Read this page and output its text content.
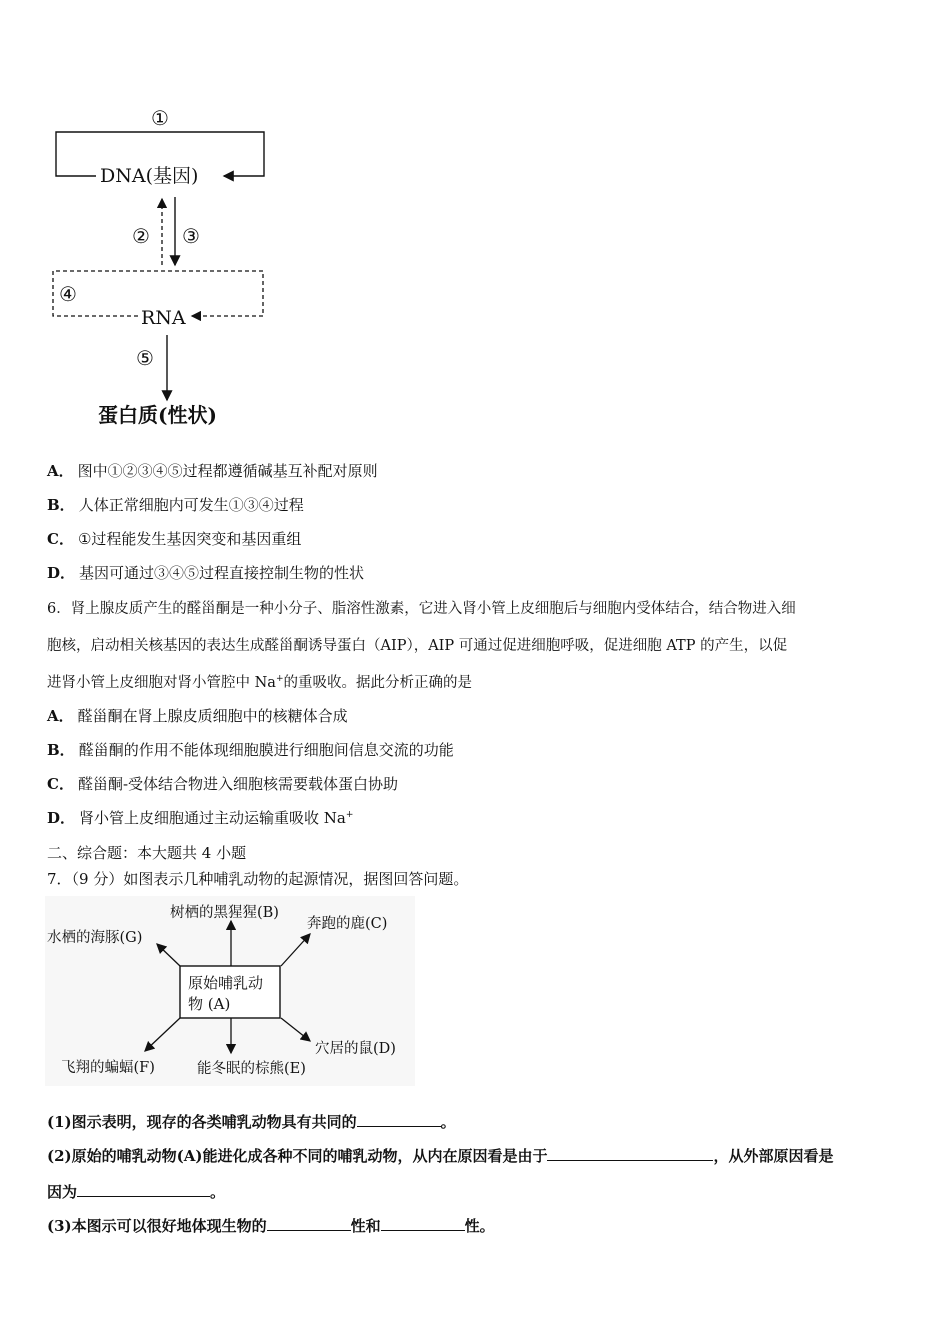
①
DNA(基因)
② ③
④
RNA
⑤
蛋白质(性状)
A． 图中①②③④⑤过程都遵循碱基互补配对原则
B． 人体正常细胞内可发生①③④过程
C． ①过程能发生基因突变和基因重组
D． 基因可通过③④⑤过程直接控制生物的性状
6．肾上腺皮质产生的醛甾酮是一种小分子、脂溶性激素，它进入肾小管上皮细胞后与细胞内受体结合，结合物进入细
胞核，启动相关核基因的表达生成醛甾酮诱导蛋白（AIP），AIP 可通过促进细胞呼吸，促进细胞 ATP 的产生，以促
进肾小管上皮细胞对肾小管腔中 Na+的重吸收。据此分析正确的是
A． 醛甾酮在肾上腺皮质细胞中的核糖体合成
B． 醛甾酮的作用不能体现细胞膜进行细胞间信息交流的功能
C． 醛甾酮-受体结合物进入细胞核需要载体蛋白协助
D． 肾小管上皮细胞通过主动运输重吸收 Na+
二、综合题：本大题共 4 小题
7．（9 分）如图表示几种哺乳动物的起源情况，据图回答问题。
原始哺乳动
物 (A)
树栖的黑猩猩(B)
奔跑的鹿(C)
穴居的鼠(D)
能冬眠的棕熊(E)
飞翔的蝙蝠(F)
水栖的海豚(G)
(1)图示表明，现存的各类哺乳动物具有共同的	。
(2)原始的哺乳动物(A)能进化成各种不同的哺乳动物，从内在原因看是由于	，从外部原因看是
因为	。
(3)本图示可以很好地体现生物的	性和	性。
